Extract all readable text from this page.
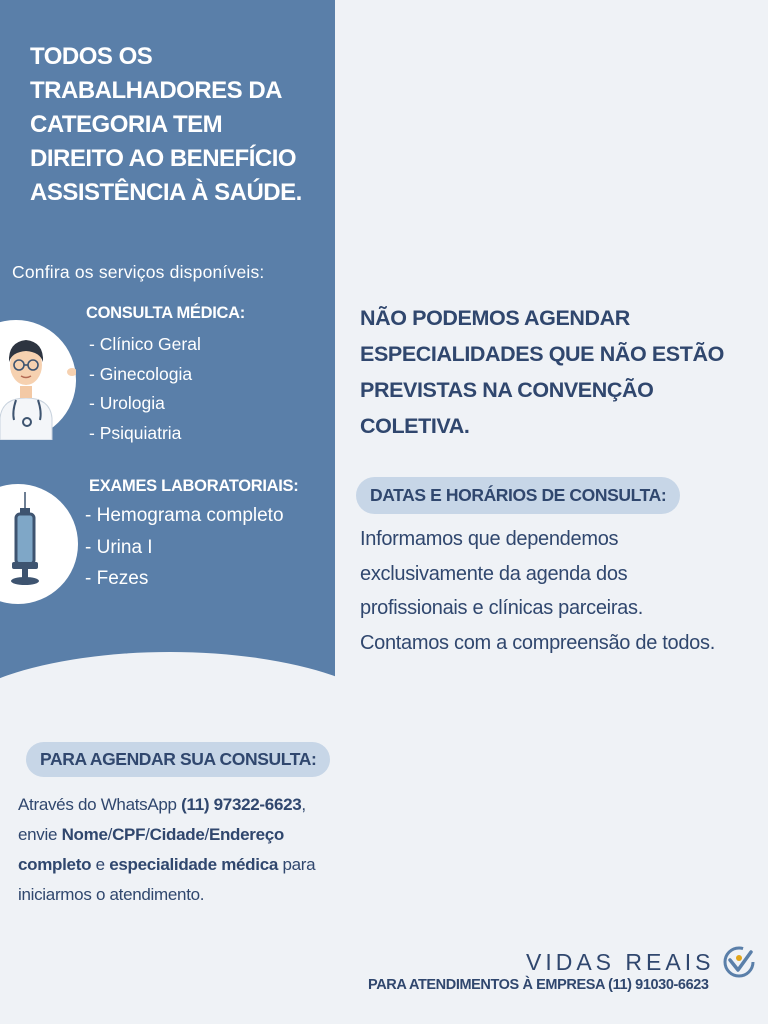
TODOS OS
TRABALHADORES DA
CATEGORIA TEM
DIREITO AO BENEFÍCIO
ASSISTÊNCIA À SAÚDE.
Confira os serviços disponíveis:
CONSULTA MÉDICA:
- Clínico Geral
- Ginecologia
- Urologia
- Psiquiatria
EXAMES LABORATORIAIS:
- Hemograma completo
- Urina I
- Fezes
NÃO PODEMOS AGENDAR
ESPECIALIDADES QUE NÃO ESTÃO
PREVISTAS NA CONVENÇÃO COLETIVA.
DATAS E HORÁRIOS DE CONSULTA:
Informamos que dependemos
exclusivamente da agenda dos
profissionais e clínicas parceiras.
Contamos com a compreensão de todos.
PARA AGENDAR SUA CONSULTA:
Através do WhatsApp (11) 97322-6623,
envie Nome/CPF/Cidade/Endereço
completo e especialidade médica para
iniciarmos o atendimento.
VIDAS REAIS
PARA ATENDIMENTOS À EMPRESA (11) 91030-6623
